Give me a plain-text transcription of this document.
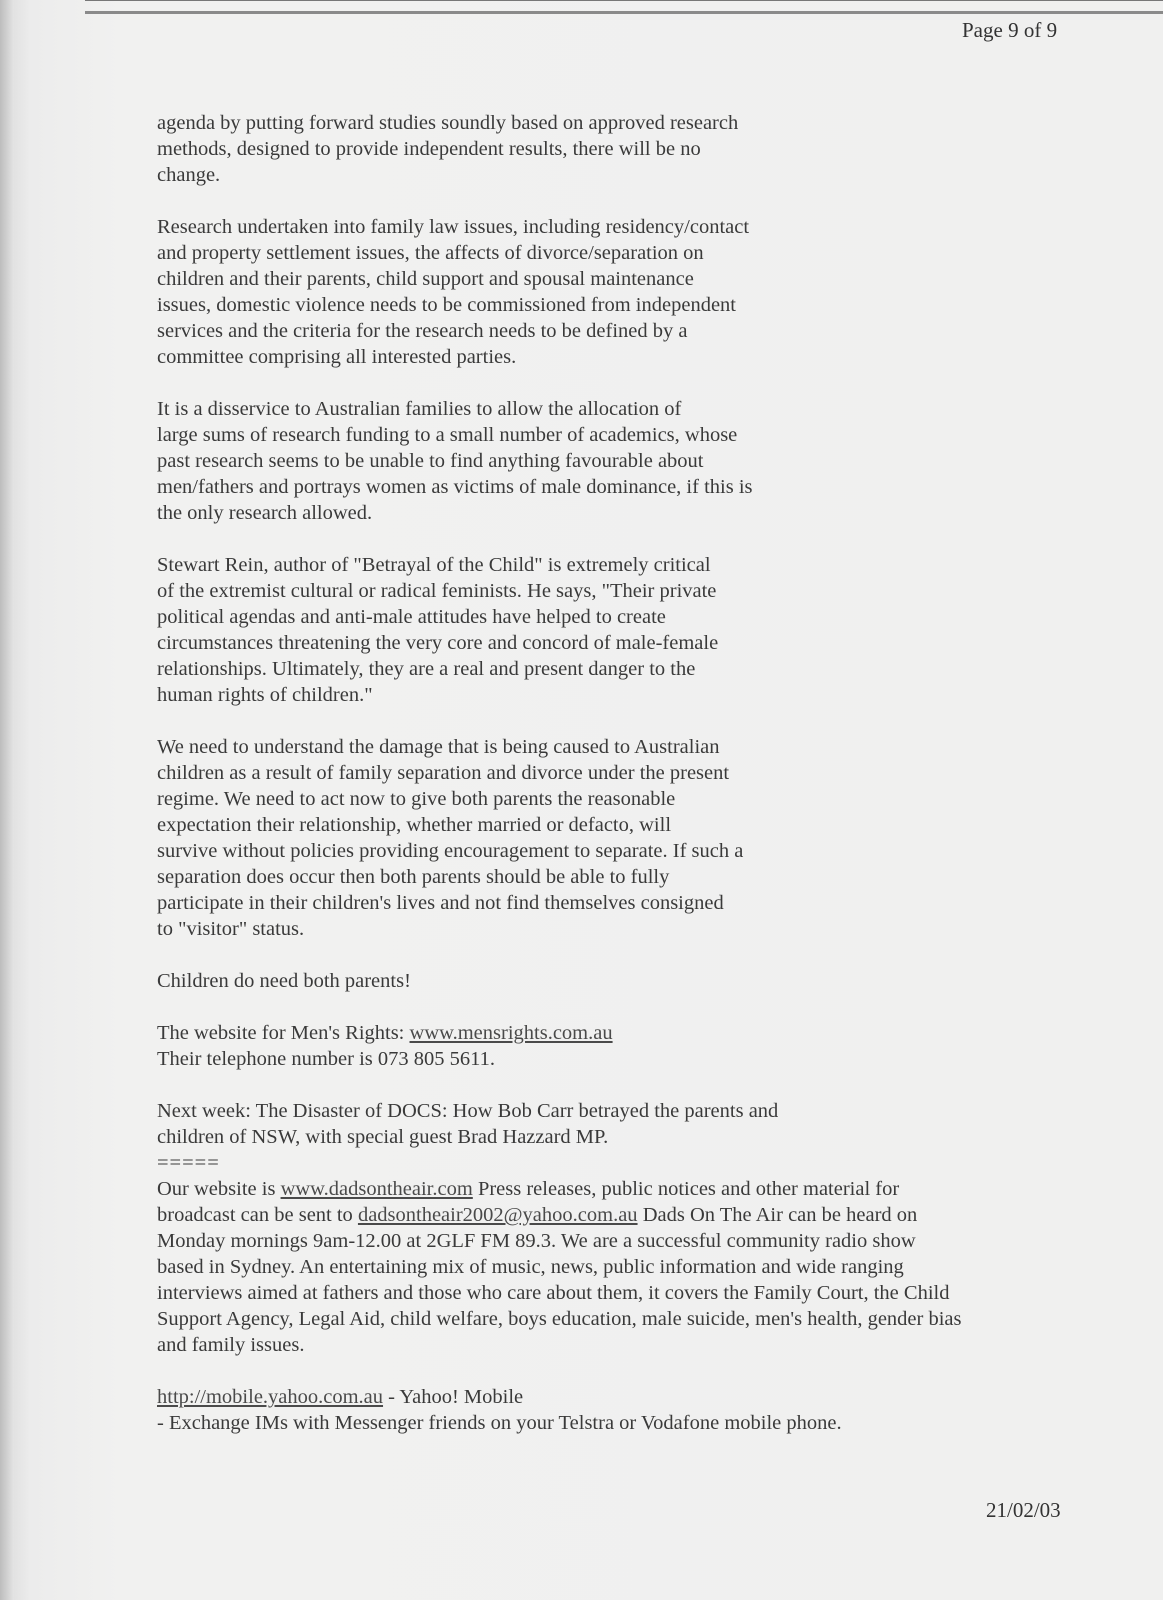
Page 9 of 9

agenda by putting forward studies soundly based on approved research
methods, designed to provide independent results, there will be no
change.

Research undertaken into family law issues, including residency/contact
and property settlement issues, the affects of divorce/separation on
children and their parents, child support and spousal maintenance
issues, domestic violence needs to be commissioned from independent
services and the criteria for the research needs to be defined by a
committee comprising all interested parties.

It is a disservice to Australian families to allow the allocation of
large sums of research funding to a small number of academics, whose
past research seems to be unable to find anything favourable about
men/fathers and portrays women as victims of male dominance, if this is
the only research allowed.

Stewart Rein, author of "Betrayal of the Child" is extremely critical
of the extremist cultural or radical feminists. He says, "Their private
political agendas and anti-male attitudes have helped to create
circumstances threatening the very core and concord of male-female
relationships. Ultimately, they are a real and present danger to the
human rights of children."

We need to understand the damage that is being caused to Australian
children as a result of family separation and divorce under the present
regime. We need to act now to give both parents the reasonable
expectation their relationship, whether married or defacto, will
survive without policies providing encouragement to separate. If such a
separation does occur then both parents should be able to fully
participate in their children's lives and not find themselves consigned
to "visitor" status.

Children do need both parents!

The website for Men's Rights: www.mensrights.com.au
Their telephone number is 073 805 5611.

Next week: The Disaster of DOCS: How Bob Carr betrayed the parents and
children of NSW, with special guest Brad Hazzard MP.

=====

Our website is www.dadsontheair.com Press releases, public notices and other material for
broadcast can be sent to dadsontheair2002@yahoo.com.au Dads On The Air can be heard on
Monday mornings 9am-12.00 at 2GLF FM 89.3. We are a successful community radio show
based in Sydney. An entertaining mix of music, news, public information and wide ranging
interviews aimed at fathers and those who care about them, it covers the Family Court, the Child
Support Agency, Legal Aid, child welfare, boys education, male suicide, men's health, gender bias
and family issues.

http://mobile.yahoo.com.au - Yahoo! Mobile
- Exchange IMs with Messenger friends on your Telstra or Vodafone mobile phone.

21/02/03
